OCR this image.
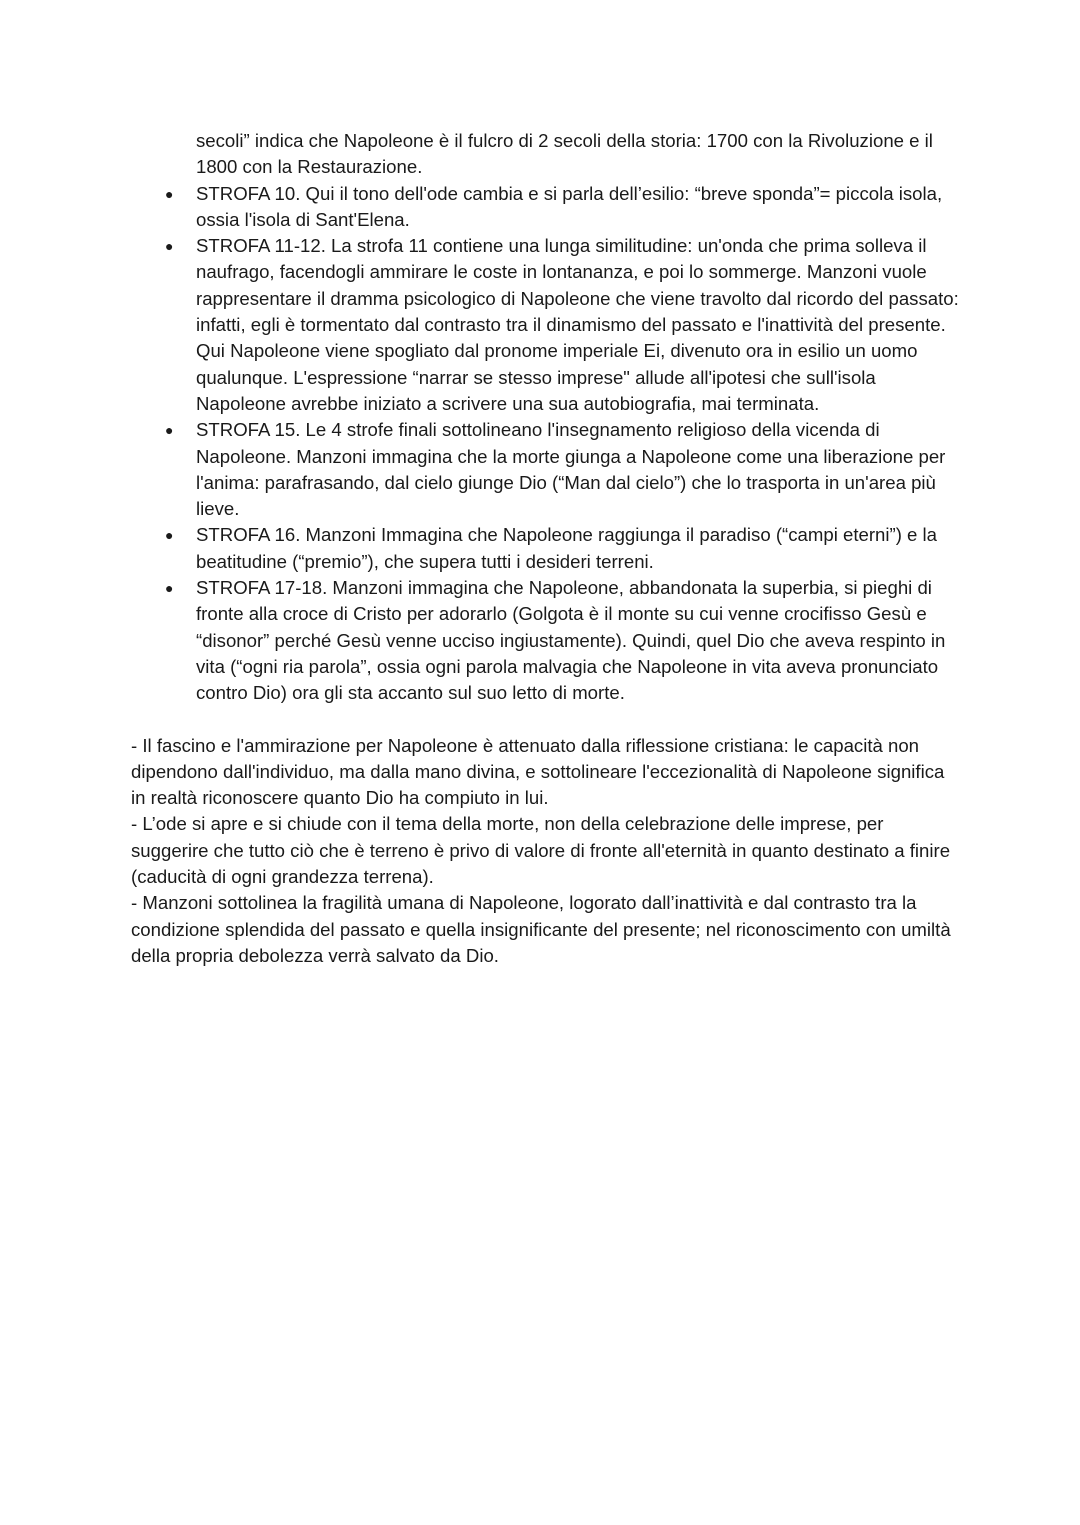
secoli” indica che Napoleone è il fulcro di 2 secoli della storia: 1700 con la Rivoluzione e il 1800 con la Restaurazione.

● STROFA 10. Qui il tono dell'ode cambia e si parla dell’esilio: “breve sponda”= piccola isola, ossia l'isola di Sant'Elena.
● STROFA 11-12. La strofa 11 contiene una lunga similitudine: un'onda che prima solleva il naufrago, facendogli ammirare le coste in lontananza, e poi lo sommerge. Manzoni vuole rappresentare il dramma psicologico di Napoleone che viene travolto dal ricordo del passato: infatti, egli è tormentato dal contrasto tra il dinamismo del passato e l'inattività del presente. Qui Napoleone viene spogliato dal pronome imperiale Ei, divenuto ora in esilio un uomo qualunque. L'espressione “narrar se stesso imprese" allude all'ipotesi che sull'isola Napoleone avrebbe iniziato a scrivere una sua autobiografia, mai terminata.
● STROFA 15. Le 4 strofe finali sottolineano l'insegnamento religioso della vicenda di Napoleone. Manzoni immagina che la morte giunga a Napoleone come una liberazione per l'anima: parafrasando, dal cielo giunge Dio (“Man dal cielo”) che lo trasporta in un'area più lieve.
● STROFA 16. Manzoni Immagina che Napoleone raggiunga il paradiso (“campi eterni”) e la beatitudine (“premio”), che supera tutti i desideri terreni.
● STROFA 17-18. Manzoni immagina che Napoleone, abbandonata la superbia, si pieghi di fronte alla croce di Cristo per adorarlo (Golgota è il monte su cui venne crocifisso Gesù e “disonor” perché Gesù venne ucciso ingiustamente). Quindi, quel Dio che aveva respinto in vita (“ogni ria parola”, ossia ogni parola malvagia che Napoleone in vita aveva pronunciato contro Dio) ora gli sta accanto sul suo letto di morte.

- Il fascino e l'ammirazione per Napoleone è attenuato dalla riflessione cristiana: le capacità non dipendono dall'individuo, ma dalla mano divina, e sottolineare l'eccezionalità di Napoleone significa in realtà riconoscere quanto Dio ha compiuto in lui.

- L’ode si apre e si chiude con il tema della morte, non della celebrazione delle imprese, per suggerire che tutto ciò che è terreno è privo di valore di fronte all'eternità in quanto destinato a finire (caducità di ogni grandezza terrena).

- Manzoni sottolinea la fragilità umana di Napoleone, logorato dall’inattività e dal contrasto tra la condizione splendida del passato e quella insignificante del presente; nel riconoscimento con umiltà della propria debolezza verrà salvato da Dio.
